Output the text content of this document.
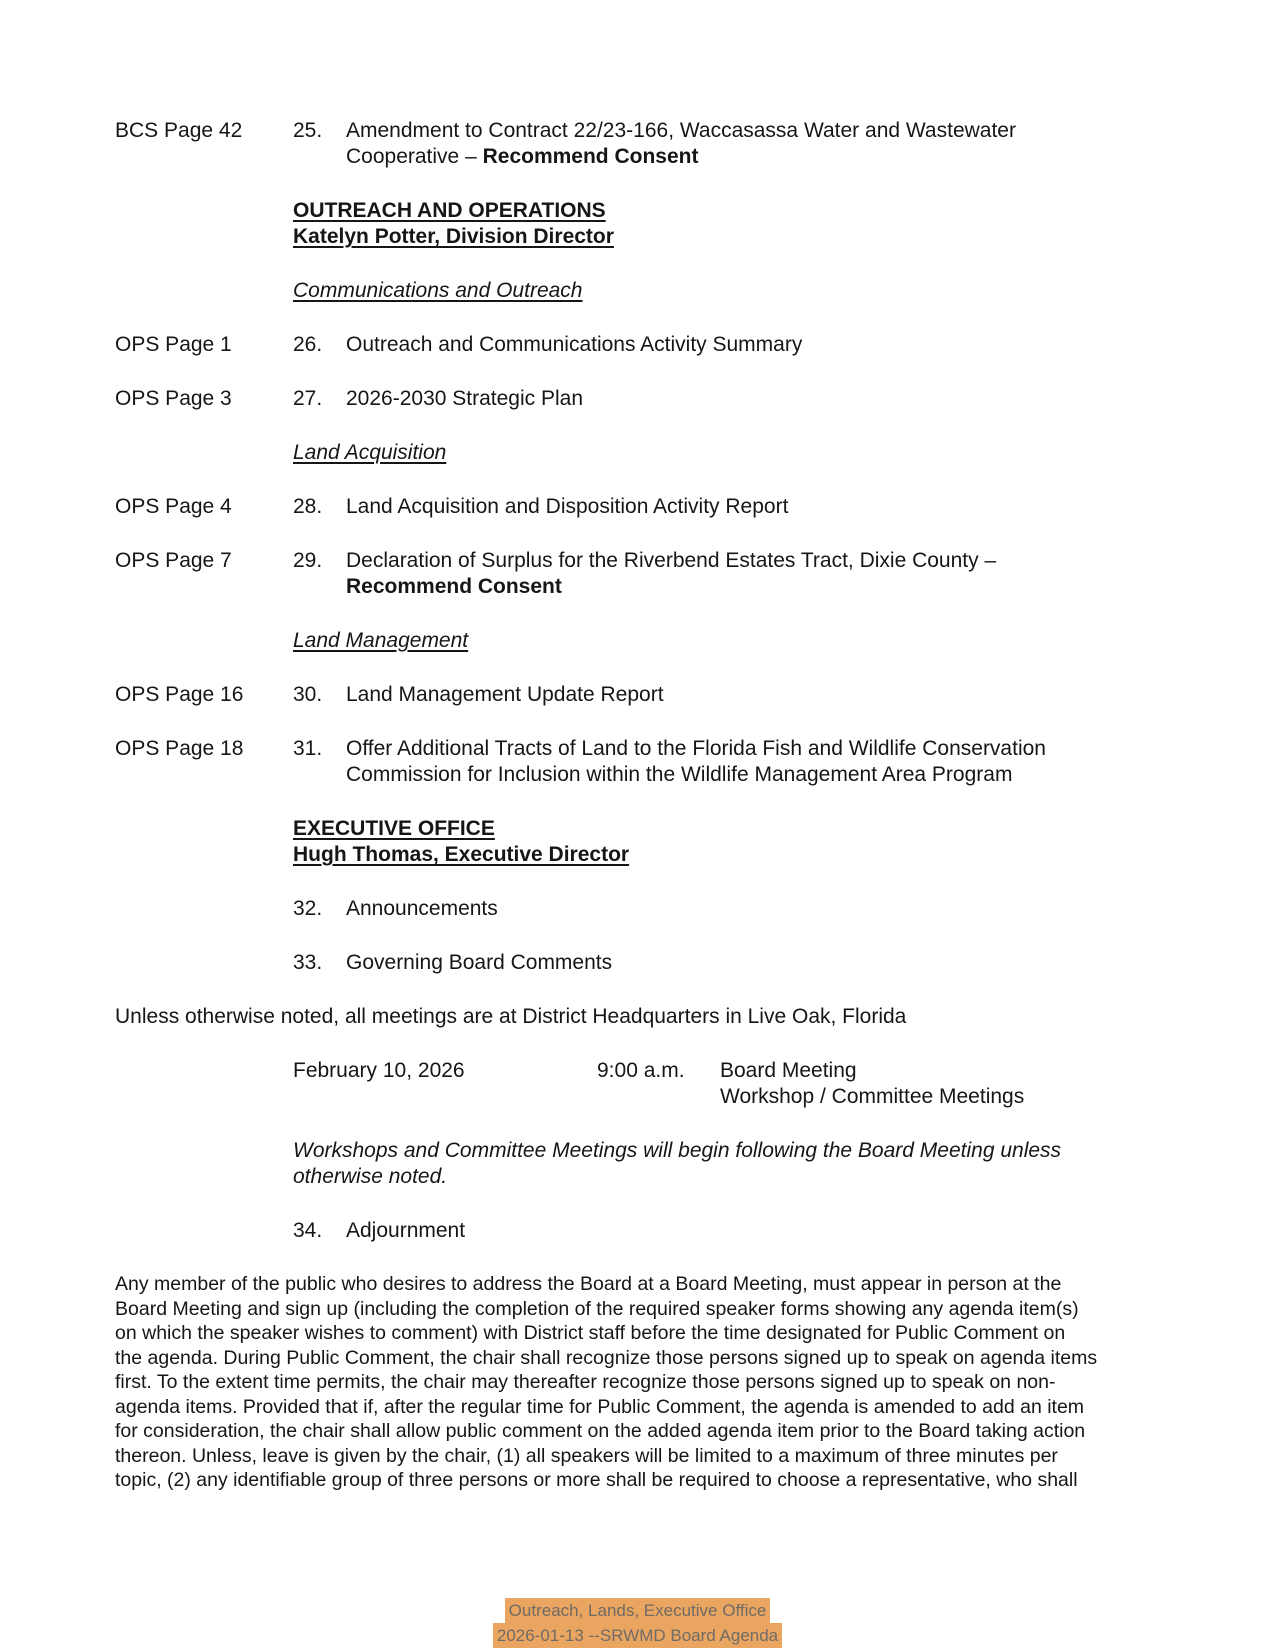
BCS Page 42	25.	Amendment to Contract 22/23-166, Waccasassa Water and Wastewater
Cooperative – Recommend Consent
OUTREACH AND OPERATIONS
Katelyn Potter, Division Director
Communications and Outreach
OPS Page 1	26.	Outreach and Communications Activity Summary
OPS Page 3	27.	2026-2030 Strategic Plan
Land Acquisition
OPS Page 4	28.	Land Acquisition and Disposition Activity Report
OPS Page 7	29.	Declaration of Surplus for the Riverbend Estates Tract, Dixie County –
Recommend Consent
Land Management
OPS Page 16	30.	Land Management Update Report
OPS Page 18	31.	Offer Additional Tracts of Land to the Florida Fish and Wildlife Conservation
Commission for Inclusion within the Wildlife Management Area Program
EXECUTIVE OFFICE
Hugh Thomas, Executive Director
32.	Announcements
33.	Governing Board Comments
Unless otherwise noted, all meetings are at District Headquarters in Live Oak, Florida
February 10, 2026	9:00 a.m.	Board Meeting
Workshop / Committee Meetings
Workshops and Committee Meetings will begin following the Board Meeting unless
otherwise noted.
34.	Adjournment
Any member of the public who desires to address the Board at a Board Meeting, must appear in person at the
Board Meeting and sign up (including the completion of the required speaker forms showing any agenda item(s)
on which the speaker wishes to comment) with District staff before the time designated for Public Comment on
the agenda. During Public Comment, the chair shall recognize those persons signed up to speak on agenda items
first. To the extent time permits, the chair may thereafter recognize those persons signed up to speak on non-
agenda items. Provided that if, after the regular time for Public Comment, the agenda is amended to add an item
for consideration, the chair shall allow public comment on the added agenda item prior to the Board taking action
thereon. Unless, leave is given by the chair, (1) all speakers will be limited to a maximum of three minutes per
topic, (2) any identifiable group of three persons or more shall be required to choose a representative, who shall
Outreach, Lands, Executive Office
2026-01-13 --SRWMD Board Agenda
